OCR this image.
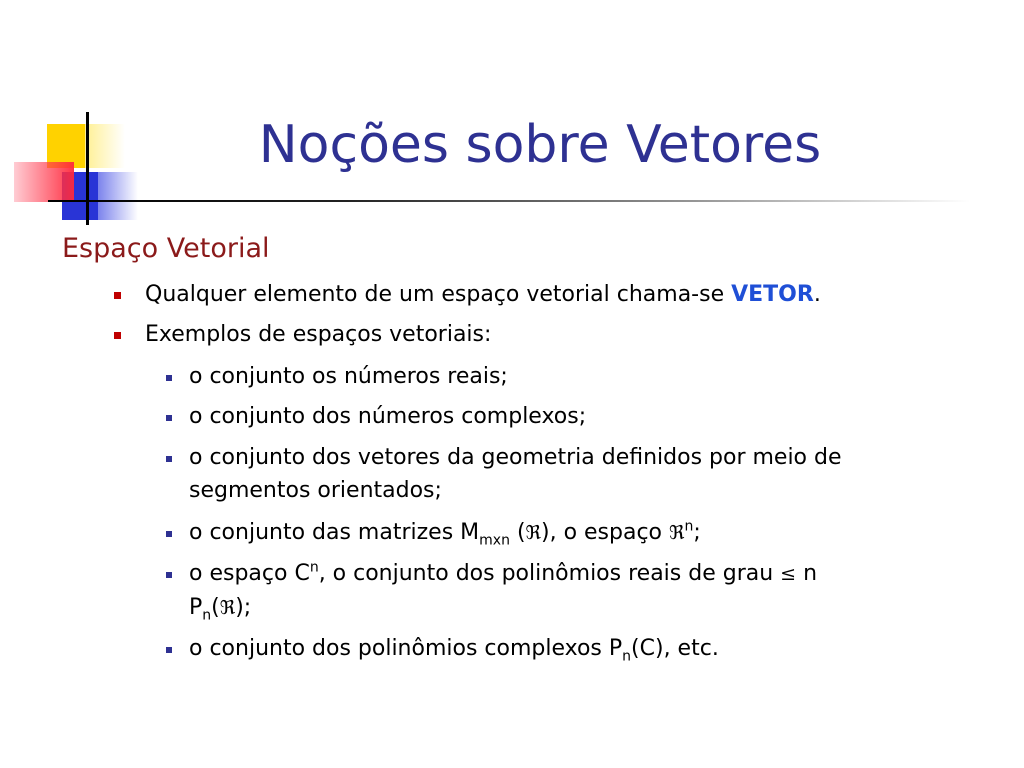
Noções sobre Vetores
Espaço Vetorial
Qualquer elemento de um espaço vetorial chama-se VETOR.
Exemplos de espaços vetoriais:
o conjunto os números reais;
o conjunto dos números complexos;
o conjunto dos vetores da geometria definidos por meio de segmentos orientados;
o conjunto das matrizes $M_{mxn}$ (ℜ), o espaço ℜ$^n$;
o espaço $C^n$, o conjunto dos polinômios reais de grau ≤ n
$P_n(ℜ)$;
o conjunto dos polinômios complexos $P_n(C)$, etc.
